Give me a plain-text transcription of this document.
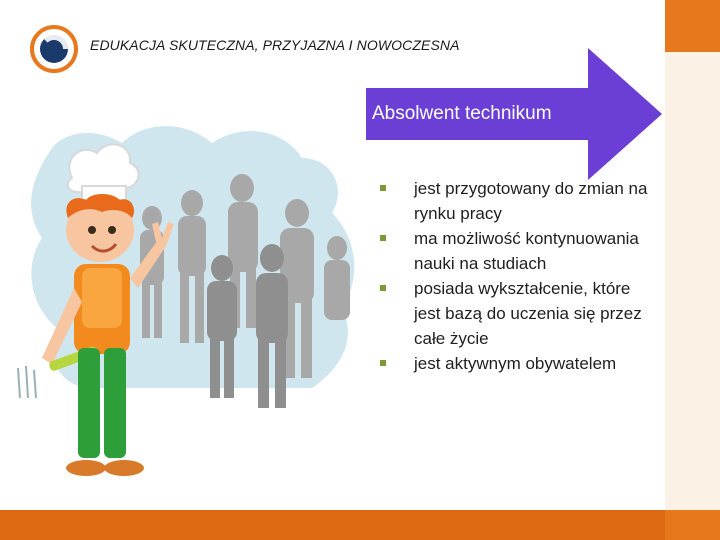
EDUKACJA SKUTECZNA, PRZYJAZNA I NOWOCZESNA
Absolwent technikum
jest przygotowany do zmian na rynku pracy
ma możliwość kontynuowania nauki na studiach
posiada wykształcenie, które jest bazą do uczenia się przez całe życie
jest aktywnym obywatelem
